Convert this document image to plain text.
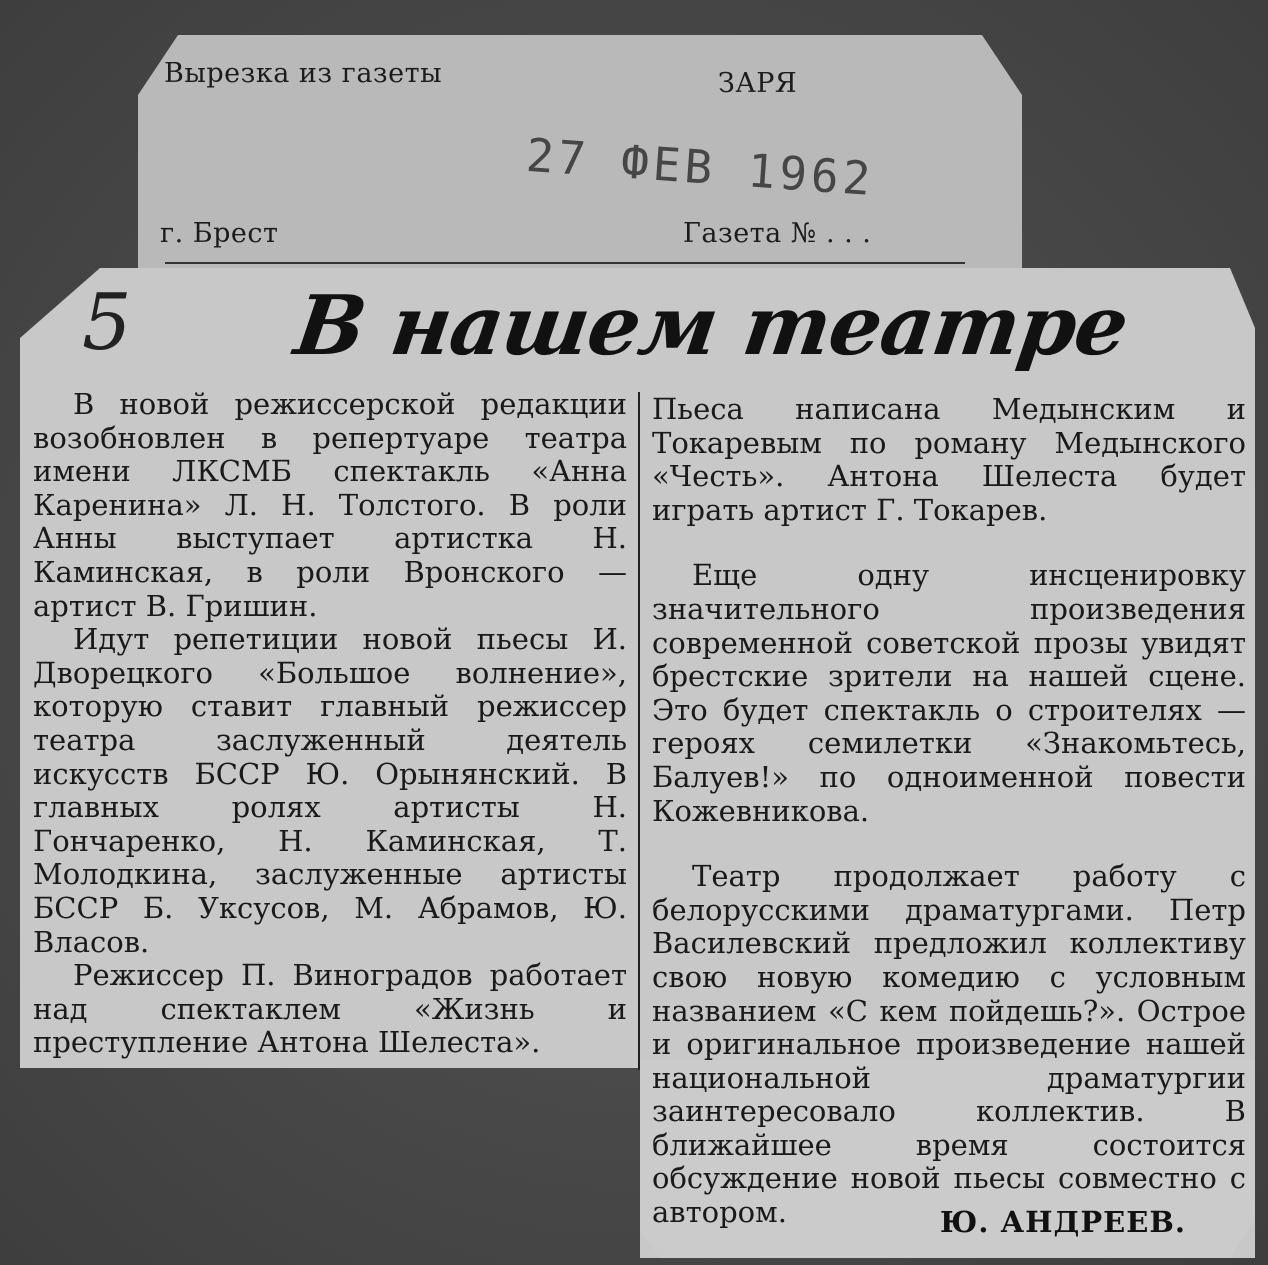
Вырезка из газеты	ЗАРЯ
27 ФЕВ 1962
г. Брест	Газета № . . .
5 В нашем театре

В новой режиссерской редакции возобновлен в репертуаре театра имени ЛКСМБ спектакль «Анна Каренина» Л. Н. Толстого. В роли Анны выступает артистка Н. Каминская, в роли Вронского — артист В. Гришин.

Идут репетиции новой пьесы И. Дворецкого «Большое волнение», которую ставит главный режиссер театра заслуженный деятель искусств БССР Ю. Орынянский. В главных ролях артисты Н. Гончаренко, Н. Каминская, Т. Молодкина, заслуженные артисты БССР Б. Уксусов, М. Абрамов, Ю. Власов.

Режиссер П. Виноградов работает над спектаклем «Жизнь и преступление Антона Шелеста».

Пьеса написана Медынским и Токаревым по роману Медынского «Честь». Антона Шелеста будет играть артист Г. Токарев.

Еще одну инсценировку значительного произведения современной советской прозы увидят брестские зрители на нашей сцене. Это будет спектакль о строителях — героях семилетки «Знакомьтесь, Балуев!» по одноименной повести Кожевникова.

Театр продолжает работу с белорусскими драматургами. Петр Василевский предложил коллективу свою новую комедию с условным названием «С кем пойдешь?». Острое и оригинальное произведение нашей национальной драматургии заинтересовало коллектив. В ближайшее время состоится обсуждение новой пьесы совместно с автором.	Ю. АНДРЕЕВ.
